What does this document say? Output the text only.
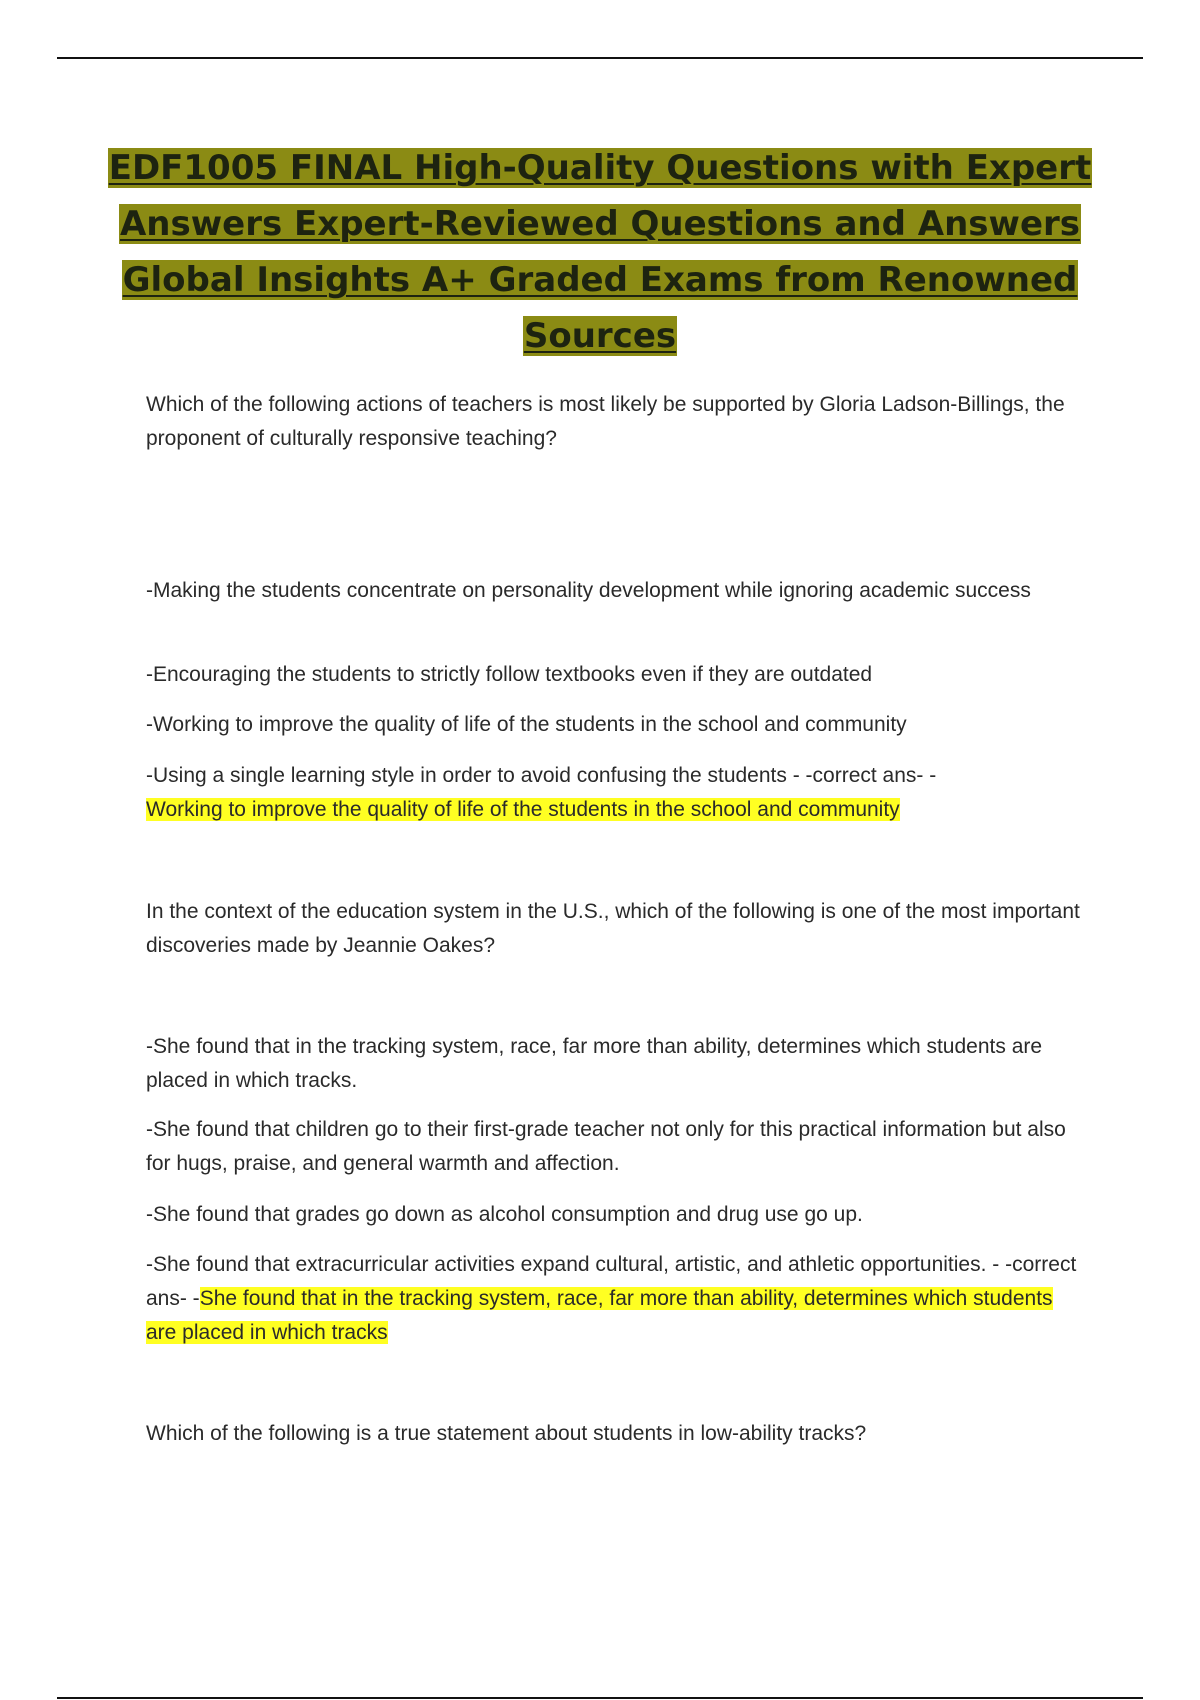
EDF1005 FINAL High-Quality Questions with Expert
Answers Expert-Reviewed Questions and Answers
Global Insights A+ Graded Exams from Renowned
Sources

Which of the following actions of teachers is most likely be supported by Gloria Ladson-Billings, the proponent of culturally responsive teaching?

-Making the students concentrate on personality development while ignoring academic success

-Encouraging the students to strictly follow textbooks even if they are outdated

-Working to improve the quality of life of the students in the school and community

-Using a single learning style in order to avoid confusing the students - -correct ans- -
Working to improve the quality of life of the students in the school and community

In the context of the education system in the U.S., which of the following is one of the most important discoveries made by Jeannie Oakes?

-She found that in the tracking system, race, far more than ability, determines which students are placed in which tracks.

-She found that children go to their first-grade teacher not only for this practical information but also for hugs, praise, and general warmth and affection.

-She found that grades go down as alcohol consumption and drug use go up.

-She found that extracurricular activities expand cultural, artistic, and athletic opportunities. - -correct ans- -She found that in the tracking system, race, far more than ability, determines which students are placed in which tracks

Which of the following is a true statement about students in low-ability tracks?
